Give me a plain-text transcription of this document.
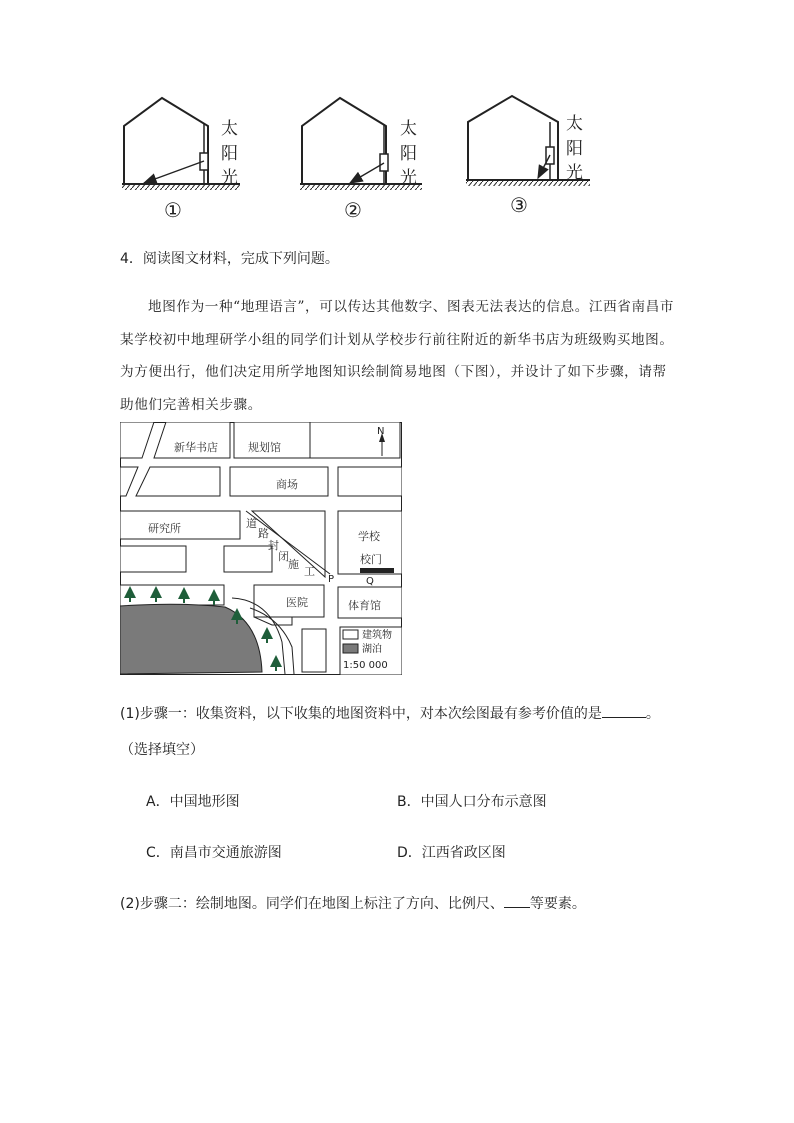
太
阳
光
①
太
阳
光
②
太
阳
光
③
4．阅读图文材料，完成下列问题。
地图作为一种“地理语言”，可以传达其他数字、图表无法表达的信息。江西省南昌市某学校初中地理研学小组的同学们计划从学校步行前往附近的新华书店为班级购买地图。为方便出行，他们决定用所学地图知识绘制简易地图（下图），并设计了如下步骤，请帮助他们完善相关步骤。
N
新华书店	规划馆
商场
研究所
学校
校门
医院	体育馆
道
路
封
闭
施
工
P	Q
建筑物
湖泊
1:50 000
(1)步骤一：收集资料，以下收集的地图资料中，对本次绘图最有参考价值的是	。
（选择填空）
A．中国地形图	B．中国人口分布示意图
C．南昌市交通旅游图	D．江西省政区图
(2)步骤二：绘制地图。同学们在地图上标注了方向、比例尺、 等要素。
